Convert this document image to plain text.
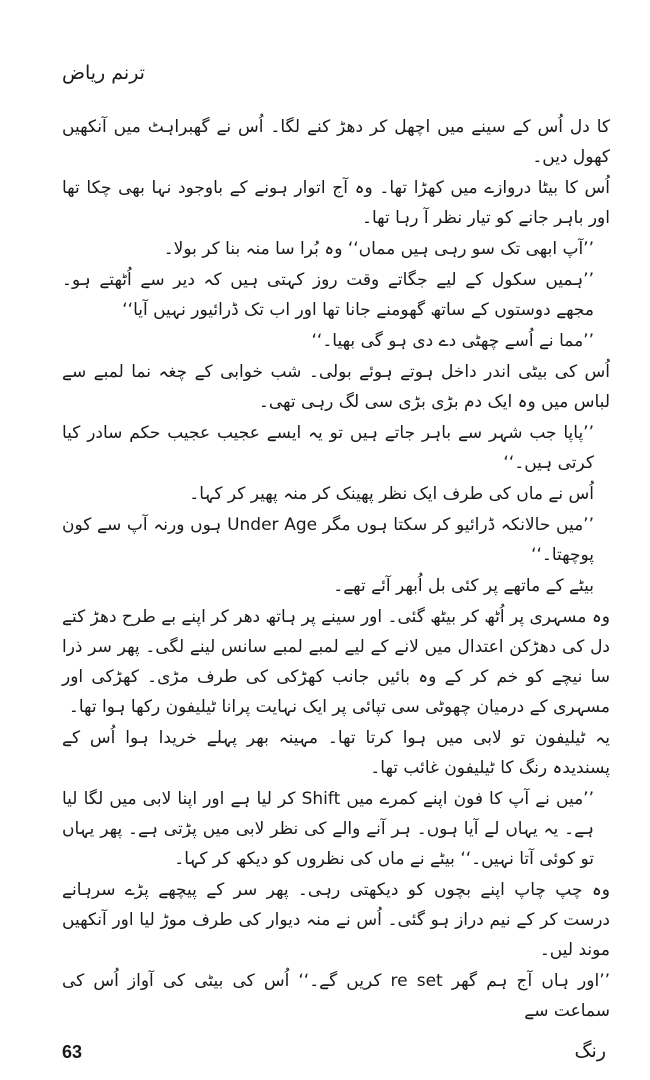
ترنم ریاض

کا دل اُس کے سینے میں اچھل کر دھڑ کنے لگا۔ اُس نے گھبراہٹ میں آنکھیں کھول دیں۔

اُس کا بیٹا دروازے میں کھڑا تھا۔ وہ آج اتوار ہونے کے باوجود نہا بھی چکا تھا اور باہر جانے کو تیار نظر آ رہا تھا۔

’’آپ ابھی تک سو رہی ہیں مماں‘‘ وہ بُرا سا منہ بنا کر بولا۔

’’ہمیں سکول کے لیے جگاتے وقت روز کہتی ہیں کہ دیر سے اُٹھتے ہو۔ مجھے دوستوں کے ساتھ گھومنے جانا تھا اور اب تک ڈرائیور نہیں آیا‘‘

’’مما نے اُسے چھٹی دے دی ہو گی بھیا۔‘‘

اُس کی بیٹی اندر داخل ہوتے ہوئے بولی۔ شب خوابی کے چغہ نما لمبے سے لباس میں وہ ایک دم بڑی بڑی سی لگ رہی تھی۔

’’پاپا جب شہر سے باہر جاتے ہیں تو یہ ایسے عجیب عجیب حکم سادر کیا کرتی ہیں۔‘‘

اُس نے ماں کی طرف ایک نظر پھینک کر منہ پھیر کر کہا۔

’’میں حالانکہ ڈرائیو کر سکتا ہوں مگر Under Age ہوں ورنہ آپ سے کون پوچھتا۔‘‘

بیٹے کے ماتھے پر کئی بل اُبھر آئے تھے۔

وہ مسہری پر اُٹھ کر بیٹھ گئی۔ اور سینے پر ہاتھ دھر کر اپنے بے طرح دھڑ کتے دل کی دھڑکن اعتدال میں لانے کے لیے لمبے لمبے سانس لینے لگی۔ پھر سر ذرا سا نیچے کو خم کر کے وہ بائیں جانب کھڑکی کی طرف مڑی۔ کھڑکی اور مسہری کے درمیان چھوٹی سی تپائی پر ایک نہایت پرانا ٹیلیفون رکھا ہوا تھا۔

یہ ٹیلیفون تو لابی میں ہوا کرتا تھا۔ مہینہ بھر پہلے خریدا ہوا اُس کے پسندیدہ رنگ کا ٹیلیفون غائب تھا۔

’’میں نے آپ کا فون اپنے کمرے میں Shift کر لیا ہے اور اپنا لابی میں لگا لیا ہے۔ یہ یہاں لے آیا ہوں۔ ہر آنے والے کی نظر لابی میں پڑتی ہے۔ پھر یہاں تو کوئی آتا نہیں۔‘‘ بیٹے نے ماں کی نظروں کو دیکھ کر کہا۔

وہ چپ چاپ اپنے بچوں کو دیکھتی رہی۔ پھر سر کے پیچھے پڑے سرہانے درست کر کے نیم دراز ہو گئی۔ اُس نے منہ دیوار کی طرف موڑ لیا اور آنکھیں موند لیں۔

’’اور ہاں آج ہم گھر re set کریں گے۔‘‘ اُس کی بیٹی کی آواز اُس کی سماعت سے

63	رنگ
